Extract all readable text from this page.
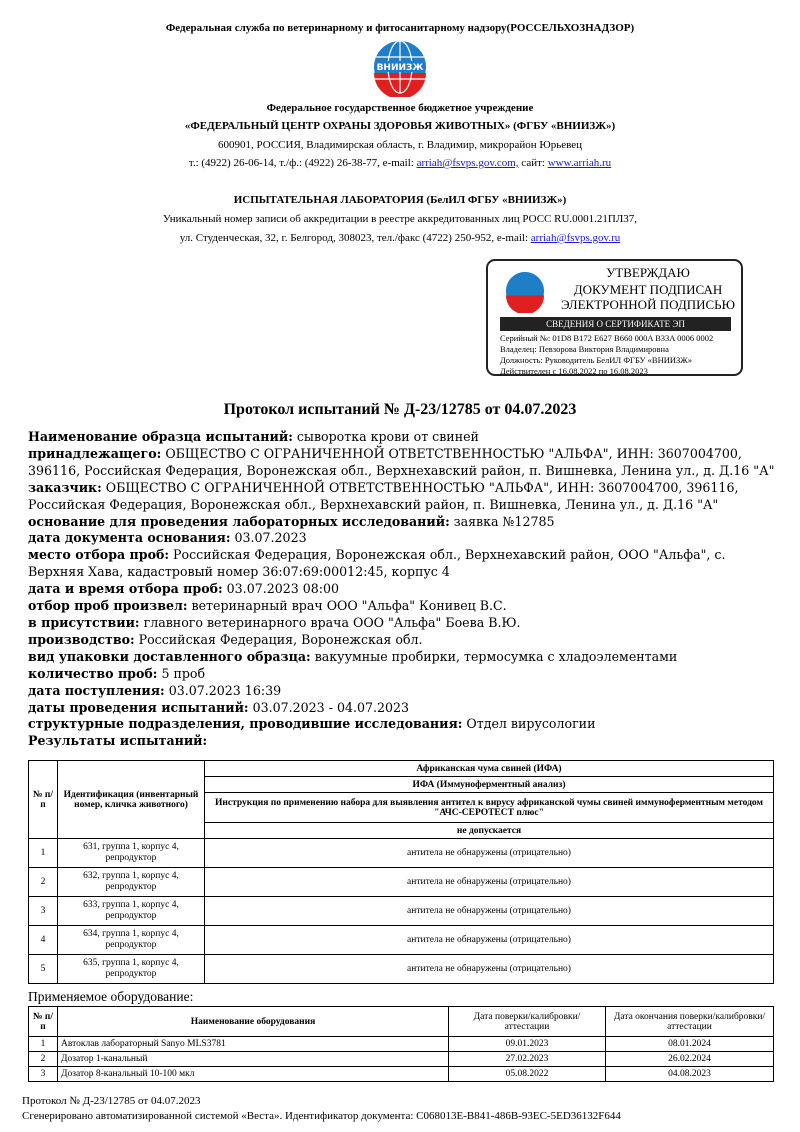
Федеральная служба по ветеринарному и фитосанитарному надзору(РОССЕЛЬХОЗНАДЗОР)
ВНИИЗЖ
Федеральное государственное бюджетное учреждение
«ФЕДЕРАЛЬНЫЙ ЦЕНТР ОХРАНЫ ЗДОРОВЬЯ ЖИВОТНЫХ» (ФГБУ «ВНИИЗЖ»)
600901, РОССИЯ, Владимирская область, г. Владимир, микрорайон Юрьевец
т.: (4922) 26-06-14, т./ф.: (4922) 26-38-77, e-mail: arriah@fsvps.gov.com, сайт: www.arriah.ru
ИСПЫТАТЕЛЬНАЯ ЛАБОРАТОРИЯ (БелИЛ ФГБУ «ВНИИЗЖ»)
Уникальный номер записи об аккредитации в реестре аккредитованных лиц РОСС RU.0001.21ПЛ37,
ул. Студенческая, 32, г. Белгород, 308023, тел./факс (4722) 250-952, e-mail: arriah@fsvps.gov.ru
УТВЕРЖДАЮ
ДОКУМЕНТ ПОДПИСАН
ЭЛЕКТРОННОЙ ПОДПИСЬЮ
СВЕДЕНИЯ О СЕРТИФИКАТЕ ЭП
Серийный №: 01D8 B172 E627 B660 000A B33A 0006 0002
Владелец: Певзорова Виктория Владимировна
Должность: Руководитель БелИЛ ФГБУ «ВНИИЗЖ»
Действителен с 16.08.2022 по 16.08.2023
Протокол испытаний № Д-23/12785 от 04.07.2023

Наименование образца испытаний: сыворотка крови от свиней

принадлежащего: ОБЩЕСТВО С ОГРАНИЧЕННОЙ ОТВЕТСТВЕННОСТЬЮ "АЛЬФА", ИНН: 3607004700, 396116, Российская Федерация, Воронежская обл., Верхнехавский район, п. Вишневка, Ленина ул., д. Д.16 "А"

заказчик: ОБЩЕСТВО С ОГРАНИЧЕННОЙ ОТВЕТСТВЕННОСТЬЮ "АЛЬФА", ИНН: 3607004700, 396116, Российская Федерация, Воронежская обл., Верхнехавский район, п. Вишневка, Ленина ул., д. Д.16 "А"

основание для проведения лабораторных исследований: заявка №12785

дата документа основания: 03.07.2023

место отбора проб: Российская Федерация, Воронежская обл., Верхнехавский район, ООО "Альфа", с. Верхняя Хава, кадастровый номер 36:07:69:00012:45, корпус 4

дата и время отбора проб: 03.07.2023 08:00

отбор проб произвел: ветеринарный врач ООО "Альфа" Конивец В.С.

в присутствии: главного ветеринарного врача ООО "Альфа" Боева В.Ю.

производство: Российская Федерация, Воронежская обл.

вид упаковки доставленного образца: вакуумные пробирки, термосумка с хладоэлементами

количество проб: 5 проб

дата поступления: 03.07.2023 16:39

даты проведения испытаний: 03.07.2023 - 04.07.2023

структурные подразделения, проводившие исследования: Отдел вирусологии

Результаты испытаний:

№ п/п	Идентификация (инвентарный номер, кличка животного)	Африканская чума свиней (ИФА)
		ИФА (Иммуноферментный анализ)
		Инструкция по применению набора для выявления антител к вирусу африканской чумы свиней иммуноферментным методом "АЧС-СЕРОТЕСТ плюс"
		не допускается
1	631, группа 1, корпус 4, репродуктор	антитела не обнаружены (отрицательно)
2	632, группа 1, корпус 4, репродуктор	антитела не обнаружены (отрицательно)
3	633, группа 1, корпус 4, репродуктор	антитела не обнаружены (отрицательно)
4	634, группа 1, корпус 4, репродуктор	антитела не обнаружены (отрицательно)
5	635, группа 1, корпус 4, репродуктор	антитела не обнаружены (отрицательно)
Применяемое оборудование:
№ п/п	Наименование оборудования	Дата поверки/калибровки/аттестации	Дата окончания поверки/калибровки/аттестации
1	Автоклав лабораторный Sanyo MLS3781	09.01.2023	08.01.2024
2	Дозатор 1-канальный	27.02.2023	26.02.2024
3	Дозатор 8-канальный 10-100 мкл	05.08.2022	04.08.2023
Протокол № Д-23/12785 от 04.07.2023
Сгенерировано автоматизированной системой «Веста». Идентификатор документа: C068013E-B841-486B-93EC-5ED36132F644
